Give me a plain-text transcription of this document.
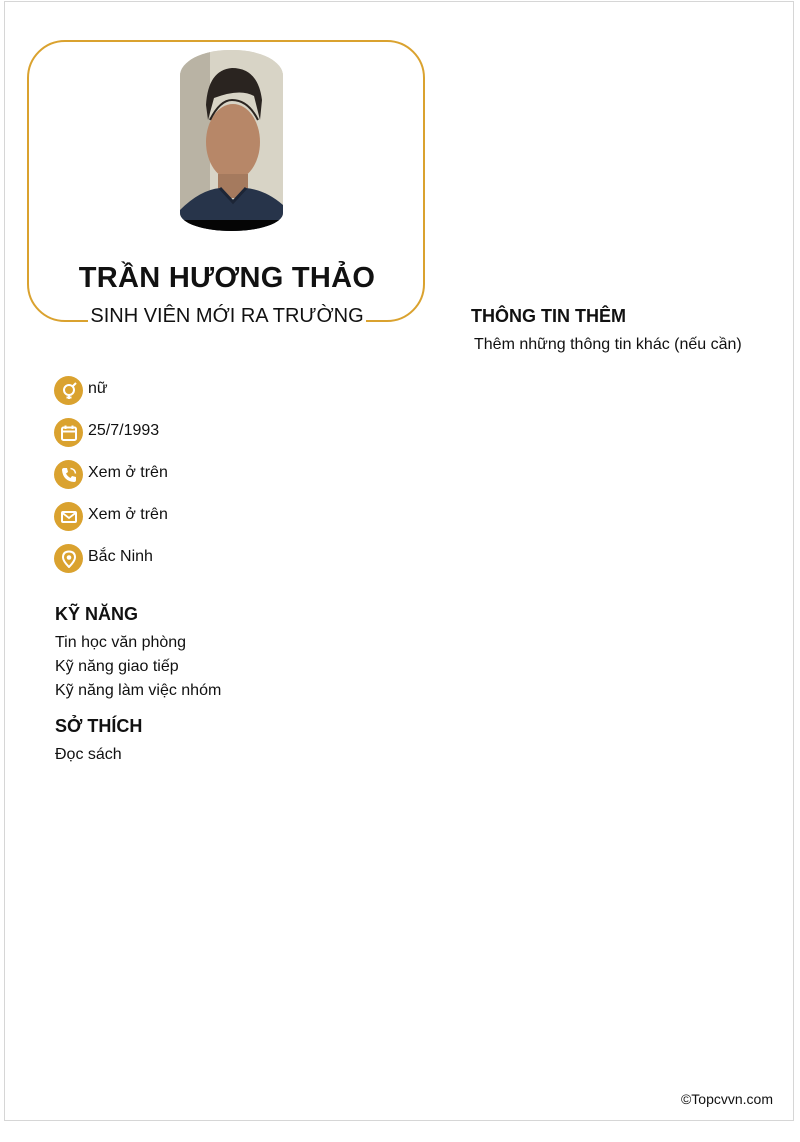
TRẦN HƯƠNG THẢO
SINH VIÊN MỚI RA TRƯỜNG
nữ
25/7/1993
Xem ở trên
Xem ở trên
Bắc Ninh
KỸ NĂNG
Tin học văn phòng
Kỹ năng giao tiếp
Kỹ năng làm việc nhóm
SỞ THÍCH
Đọc sách
THÔNG TIN THÊM
Thêm những thông tin khác (nếu cần)
©Topcvvn.com
